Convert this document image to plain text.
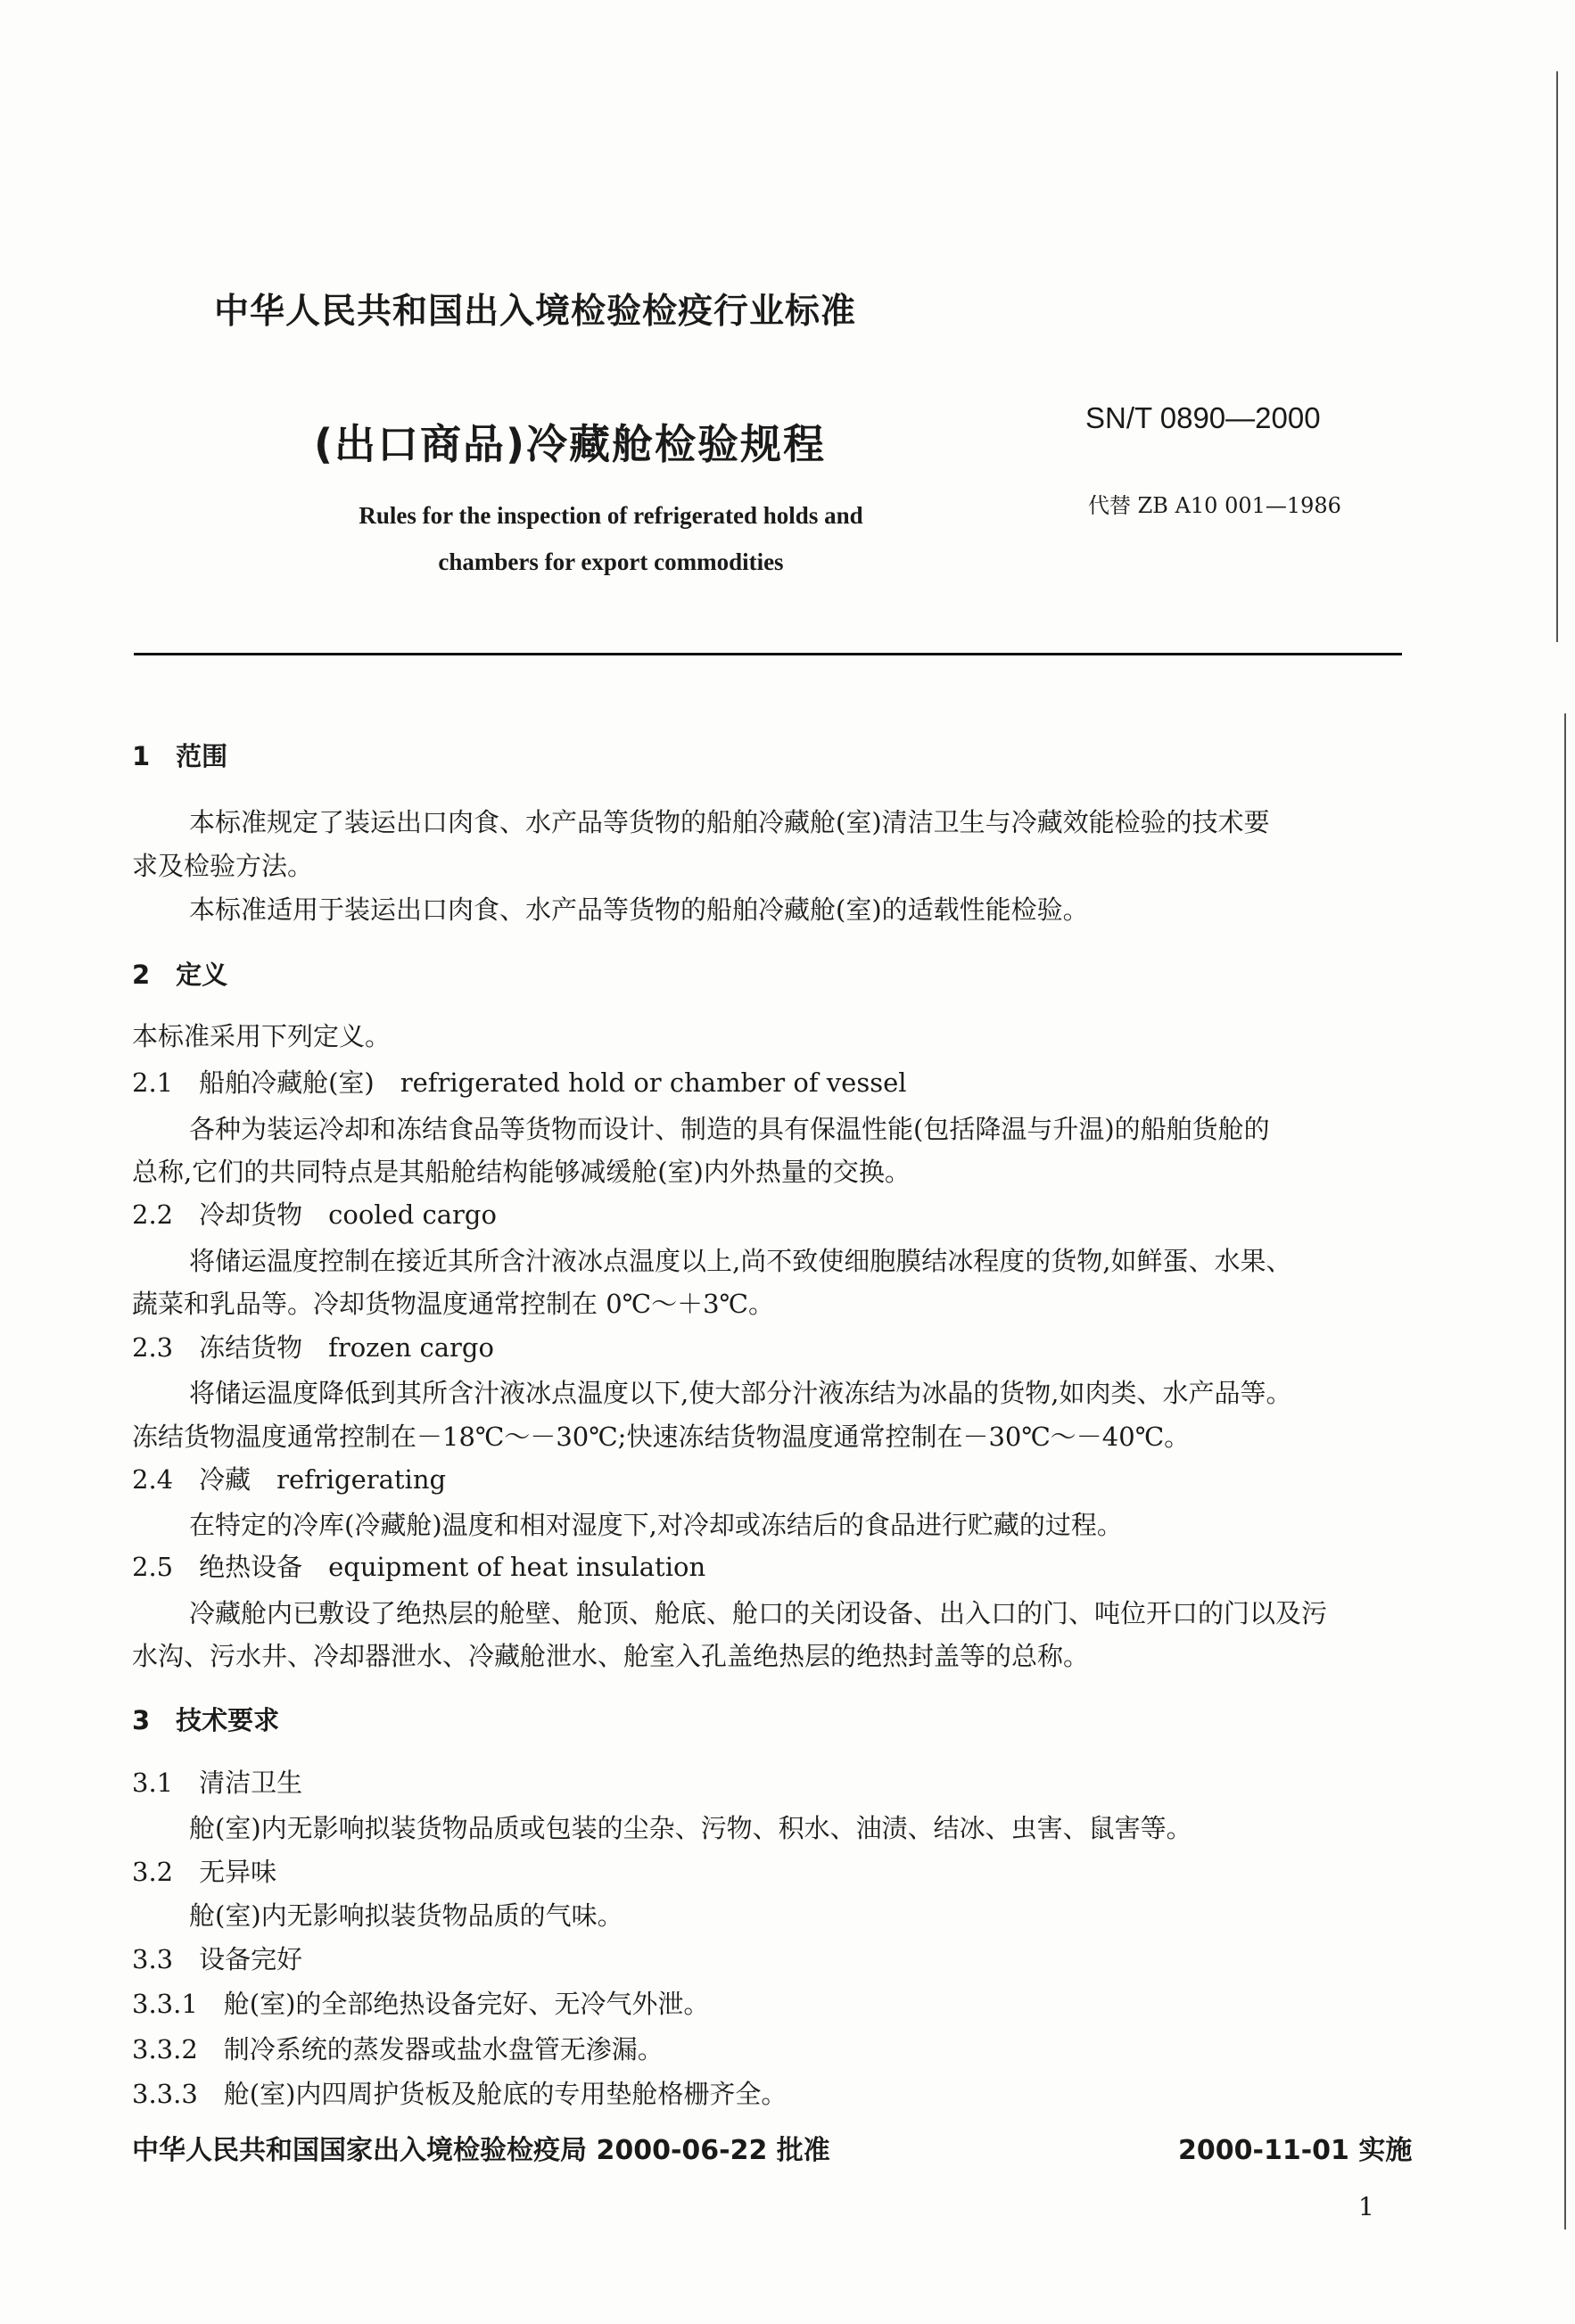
中华人民共和国出入境检验检疫行业标准
(出口商品)冷藏舱检验规程
Rules for the inspection of refrigerated holds and
chambers for export commodities
SN/T 0890—2000
代替 ZB A10 001—1986
1　范围
本标准规定了装运出口肉食、水产品等货物的船舶冷藏舱(室)清洁卫生与冷藏效能检验的技术要
求及检验方法。
本标准适用于装运出口肉食、水产品等货物的船舶冷藏舱(室)的适载性能检验。
2　定义
本标准采用下列定义。
2.1　船舶冷藏舱(室)　refrigerated hold or chamber of vessel
各种为装运冷却和冻结食品等货物而设计、制造的具有保温性能(包括降温与升温)的船舶货舱的
总称,它们的共同特点是其船舱结构能够减缓舱(室)内外热量的交换。
2.2　冷却货物　cooled cargo
将储运温度控制在接近其所含汁液冰点温度以上,尚不致使细胞膜结冰程度的货物,如鲜蛋、水果、
蔬菜和乳品等。冷却货物温度通常控制在 0℃～＋3℃。
2.3　冻结货物　frozen cargo
将储运温度降低到其所含汁液冰点温度以下,使大部分汁液冻结为冰晶的货物,如肉类、水产品等。
冻结货物温度通常控制在－18℃～－30℃;快速冻结货物温度通常控制在－30℃～－40℃。
2.4　冷藏　refrigerating
在特定的冷库(冷藏舱)温度和相对湿度下,对冷却或冻结后的食品进行贮藏的过程。
2.5　绝热设备　equipment of heat insulation
冷藏舱内已敷设了绝热层的舱壁、舱顶、舱底、舱口的关闭设备、出入口的门、吨位开口的门以及污
水沟、污水井、冷却器泄水、冷藏舱泄水、舱室入孔盖绝热层的绝热封盖等的总称。
3　技术要求
3.1　清洁卫生
舱(室)内无影响拟装货物品质或包装的尘杂、污物、积水、油渍、结冰、虫害、鼠害等。
3.2　无异味
舱(室)内无影响拟装货物品质的气味。
3.3　设备完好
3.3.1　舱(室)的全部绝热设备完好、无冷气外泄。
3.3.2　制冷系统的蒸发器或盐水盘管无渗漏。
3.3.3　舱(室)内四周护货板及舱底的专用垫舱格栅齐全。
中华人民共和国国家出入境检验检疫局 2000-06-22 批准	2000-11-01 实施
1
